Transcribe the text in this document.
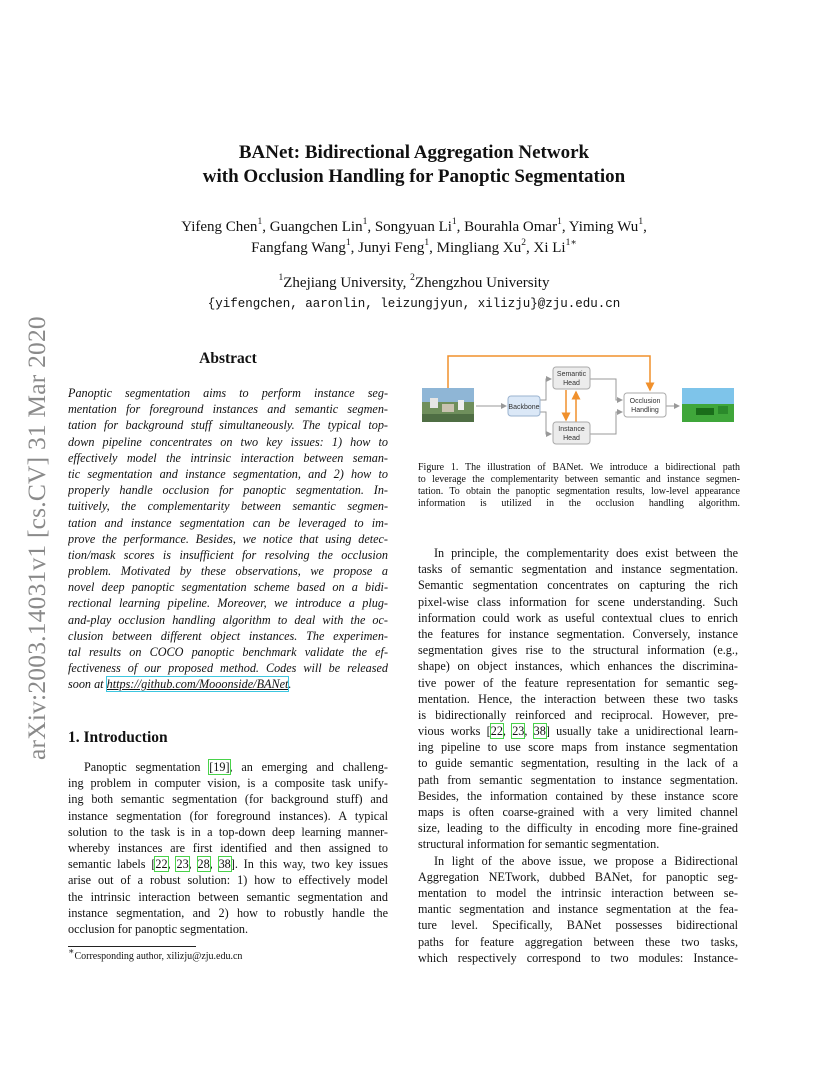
arXiv:2003.14031v1 [cs.CV] 31 Mar 2020
BANet: Bidirectional Aggregation Network
with Occlusion Handling for Panoptic Segmentation
Yifeng Chen$^1$, Guangchen Lin$^1$, Songyuan Li$^1$, Bourahla Omar$^1$, Yiming Wu$^1$,
Fangfang Wang$^1$, Junyi Feng$^1$, Mingliang Xu$^2$, Xi $Li^{1∗}$
$^1$Zhejiang University, $^2$Zhengzhou University
{yifengchen, aaronlin, leizungjyun, xilizju}@zju.edu.cn
Abstract
Panoptic segmentation aims to perform instance seg-
mentation for foreground instances and semantic segmen-
tation for background stuff simultaneously. The typical top-
down pipeline concentrates on two key issues: 1) how to
effectively model the intrinsic interaction between seman-
tic segmentation and instance segmentation, and 2) how to
properly handle occlusion for panoptic segmentation. In-
tuitively, the complementarity between semantic segmen-
tation and instance segmentation can be leveraged to im-
prove the performance. Besides, we notice that using detec-
tion/mask scores is insufficient for resolving the occlusion
problem. Motivated by these observations, we propose a
novel deep panoptic segmentation scheme based on a bidi-
rectional learning pipeline. Moreover, we introduce a plug-
and-play occlusion handling algorithm to deal with the oc-
clusion between different object instances. The experimen-
tal results on COCO panoptic benchmark validate the ef-
fectiveness of our proposed method. Codes will be released
soon at https://github.com/Mooonside/BANet.
1. Introduction
Panoptic segmentation [19], an emerging and challeng-
ing problem in computer vision, is a composite task unify-
ing both semantic segmentation (for background stuff) and
instance segmentation (for foreground instances). A typical
solution to the task is in a top-down deep learning manner-
whereby instances are first identified and then assigned to
semantic labels [22, 23, 28, 38]. In this way, two key issues
arise out of a robust solution: 1) how to effectively model
the intrinsic interaction between semantic segmentation and
instance segmentation, and 2) how to robustly handle the
occlusion for panoptic segmentation.
∗Corresponding author, xilizju@zju.edu.cn
Backbone
Semantic
Head
Instance
Head
Occlusion
Handling
Figure 1. The illustration of BANet. We introduce a bidirectional path
to leverage the complementarity between semantic and instance segmen-
tation. To obtain the panoptic segmentation results, low-level appearance
information is utilized in the occlusion handling algorithm.
In principle, the complementarity does exist between the
tasks of semantic segmentation and instance segmentation.
Semantic segmentation concentrates on capturing the rich
pixel-wise class information for scene understanding. Such
information could work as useful contextual clues to enrich
the features for instance segmentation. Conversely, instance
segmentation gives rise to the structural information (e.g.,
shape) on object instances, which enhances the discrimina-
tive power of the feature representation for semantic seg-
mentation. Hence, the interaction between these two tasks
is bidirectionally reinforced and reciprocal. However, pre-
vious works [22, 23, 38] usually take a unidirectional learn-
ing pipeline to use score maps from instance segmentation
to guide semantic segmentation, resulting in the lack of a
path from semantic segmentation to instance segmentation.
Besides, the information contained by these instance score
maps is often coarse-grained with a very limited channel
size, leading to the difficulty in encoding more fine-grained
structural information for semantic segmentation.
In light of the above issue, we propose a Bidirectional
Aggregation NETwork, dubbed BANet, for panoptic seg-
mentation to model the intrinsic interaction between se-
mantic segmentation and instance segmentation at the fea-
ture level. Specifically, BANet possesses bidirectional
paths for feature aggregation between these two tasks,
which respectively correspond to two modules: Instance-
